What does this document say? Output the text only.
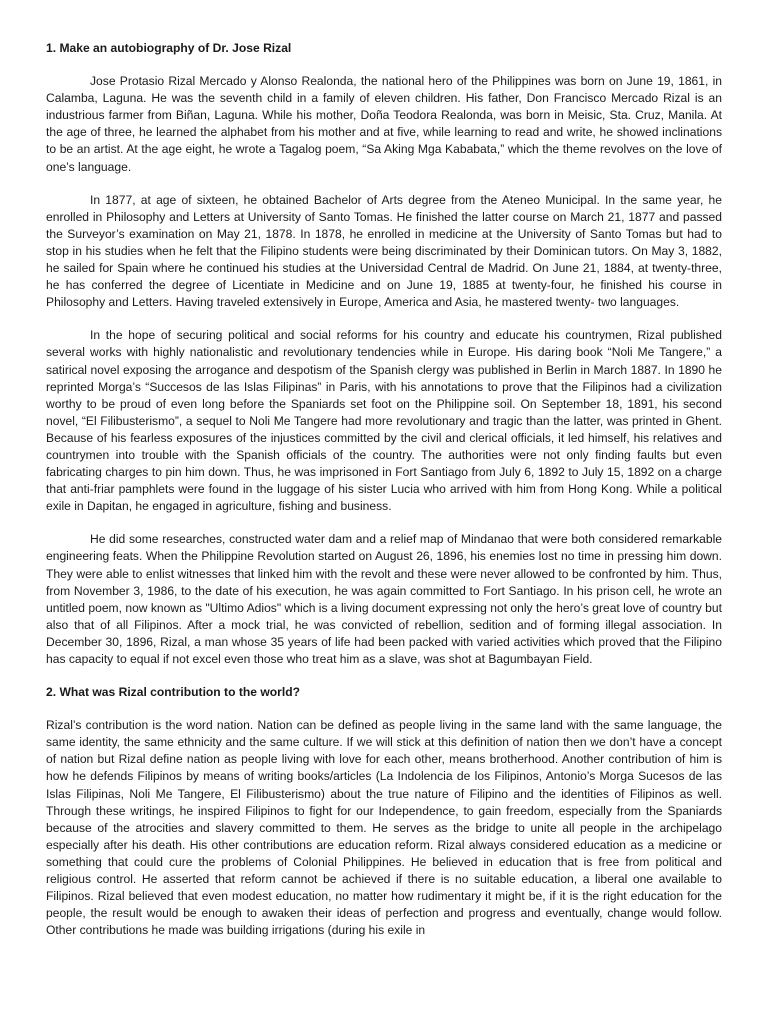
1. Make an autobiography of Dr. Jose Rizal

Jose Protasio Rizal Mercado y Alonso Realonda, the national hero of the Philippines was born on June 19, 1861, in Calamba, Laguna. He was the seventh child in a family of eleven children. His father, Don Francisco Mercado Rizal is an industrious farmer from Biñan, Laguna. While his mother, Doña Teodora Realonda, was born in Meisic, Sta. Cruz, Manila. At the age of three, he learned the alphabet from his mother and at five, while learning to read and write, he showed inclinations to be an artist. At the age eight, he wrote a Tagalog poem, “Sa Aking Mga Kababata,” which the theme revolves on the love of one’s language.

In 1877, at age of sixteen, he obtained Bachelor of Arts degree from the Ateneo Municipal. In the same year, he enrolled in Philosophy and Letters at University of Santo Tomas. He finished the latter course on March 21, 1877 and passed the Surveyor’s examination on May 21, 1878. In 1878, he enrolled in medicine at the University of Santo Tomas but had to stop in his studies when he felt that the Filipino students were being discriminated by their Dominican tutors. On May 3, 1882, he sailed for Spain where he continued his studies at the Universidad Central de Madrid. On June 21, 1884, at twenty-three, he has conferred the degree of Licentiate in Medicine and on June 19, 1885 at twenty-four, he finished his course in Philosophy and Letters. Having traveled extensively in Europe, America and Asia, he mastered twenty- two languages.

In the hope of securing political and social reforms for his country and educate his countrymen, Rizal published several works with highly nationalistic and revolutionary tendencies while in Europe. His daring book “Noli Me Tangere,” a satirical novel exposing the arrogance and despotism of the Spanish clergy was published in Berlin in March 1887. In 1890 he reprinted Morga’s “Succesos de las Islas Filipinas” in Paris, with his annotations to prove that the Filipinos had a civilization worthy to be proud of even long before the Spaniards set foot on the Philippine soil. On September 18, 1891, his second novel, “El Filibusterismo”, a sequel to Noli Me Tangere had more revolutionary and tragic than the latter, was printed in Ghent. Because of his fearless exposures of the injustices committed by the civil and clerical officials, it led himself, his relatives and countrymen into trouble with the Spanish officials of the country. The authorities were not only finding faults but even fabricating charges to pin him down. Thus, he was imprisoned in Fort Santiago from July 6, 1892 to July 15, 1892 on a charge that anti-friar pamphlets were found in the luggage of his sister Lucia who arrived with him from Hong Kong. While a political exile in Dapitan, he engaged in agriculture, fishing and business.

He did some researches, constructed water dam and a relief map of Mindanao that were both considered remarkable engineering feats. When the Philippine Revolution started on August 26, 1896, his enemies lost no time in pressing him down. They were able to enlist witnesses that linked him with the revolt and these were never allowed to be confronted by him. Thus, from November 3, 1986, to the date of his execution, he was again committed to Fort Santiago. In his prison cell, he wrote an untitled poem, now known as "Ultimo Adios" which is a living document expressing not only the hero’s great love of country but also that of all Filipinos. After a mock trial, he was convicted of rebellion, sedition and of forming illegal association. In December 30, 1896, Rizal, a man whose 35 years of life had been packed with varied activities which proved that the Filipino has capacity to equal if not excel even those who treat him as a slave, was shot at Bagumbayan Field.

2. What was Rizal contribution to the world?

Rizal’s contribution is the word nation. Nation can be defined as people living in the same land with the same language, the same identity, the same ethnicity and the same culture. If we will stick at this definition of nation then we don’t have a concept of nation but Rizal define nation as people living with love for each other, means brotherhood. Another contribution of him is how he defends Filipinos by means of writing books/articles (La Indolencia de los Filipinos, Antonio’s Morga Sucesos de las Islas Filipinas, Noli Me Tangere, El Filibusterismo) about the true nature of Filipino and the identities of Filipinos as well. Through these writings, he inspired Filipinos to fight for our Independence, to gain freedom, especially from the Spaniards because of the atrocities and slavery committed to them. He serves as the bridge to unite all people in the archipelago especially after his death. His other contributions are education reform. Rizal always considered education as a medicine or something that could cure the problems of Colonial Philippines. He believed in education that is free from political and religious control. He asserted that reform cannot be achieved if there is no suitable education, a liberal one available to Filipinos. Rizal believed that even modest education, no matter how rudimentary it might be, if it is the right education for the people, the result would be enough to awaken their ideas of perfection and progress and eventually, change would follow. Other contributions he made was building irrigations (during his exile in
